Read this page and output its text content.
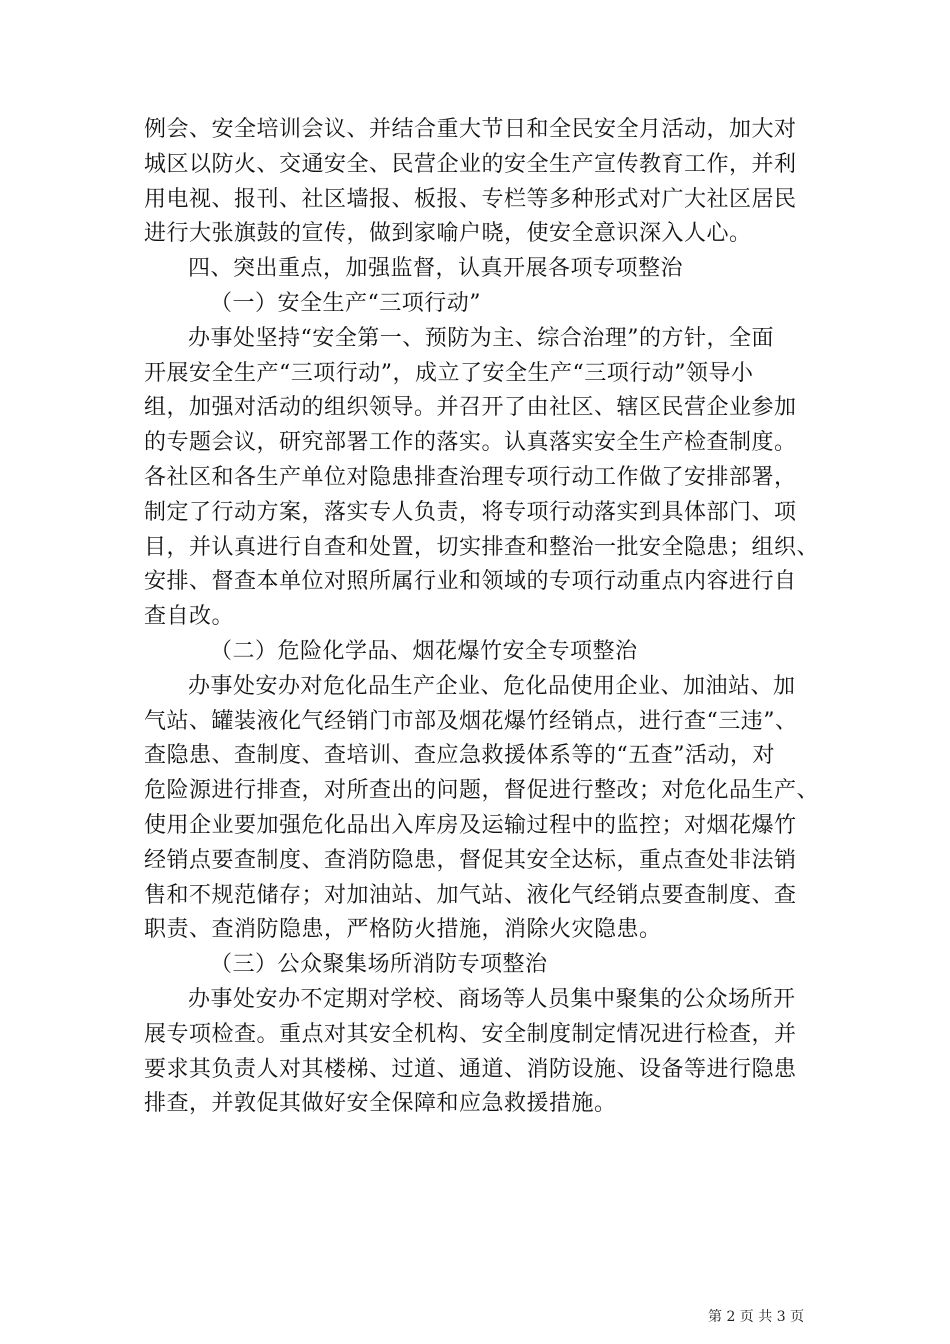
例会、安全培训会议、并结合重大节日和全民安全月活动，加大对
城区以防火、交通安全、民营企业的安全生产宣传教育工作，并利
用电视、报刊、社区墙报、板报、专栏等多种形式对广大社区居民
进行大张旗鼓的宣传，做到家喻户晓，使安全意识深入人心。
四、突出重点，加强监督，认真开展各项专项整治
（一）安全生产“三项行动”
办事处坚持“安全第一、预防为主、综合治理”的方针，全面
开展安全生产“三项行动”，成立了安全生产“三项行动”领导小
组，加强对活动的组织领导。并召开了由社区、辖区民营企业参加
的专题会议，研究部署工作的落实。认真落实安全生产检查制度。
各社区和各生产单位对隐患排查治理专项行动工作做了安排部署，
制定了行动方案，落实专人负责，将专项行动落实到具体部门、项
目，并认真进行自查和处置，切实排查和整治一批安全隐患；组织、
安排、督查本单位对照所属行业和领域的专项行动重点内容进行自
查自改。
（二）危险化学品、烟花爆竹安全专项整治
办事处安办对危化品生产企业、危化品使用企业、加油站、加
气站、罐装液化气经销门市部及烟花爆竹经销点，进行查“三违”、
查隐患、查制度、查培训、查应急救援体系等的“五查”活动，对
危险源进行排查，对所查出的问题，督促进行整改；对危化品生产、
使用企业要加强危化品出入库房及运输过程中的监控；对烟花爆竹
经销点要查制度、查消防隐患，督促其安全达标，重点查处非法销
售和不规范储存；对加油站、加气站、液化气经销点要查制度、查
职责、查消防隐患，严格防火措施，消除火灾隐患。
（三）公众聚集场所消防专项整治
办事处安办不定期对学校、商场等人员集中聚集的公众场所开
展专项检查。重点对其安全机构、安全制度制定情况进行检查，并
要求其负责人对其楼梯、过道、通道、消防设施、设备等进行隐患
排查，并敦促其做好安全保障和应急救援措施。
第 2 页 共 3 页
